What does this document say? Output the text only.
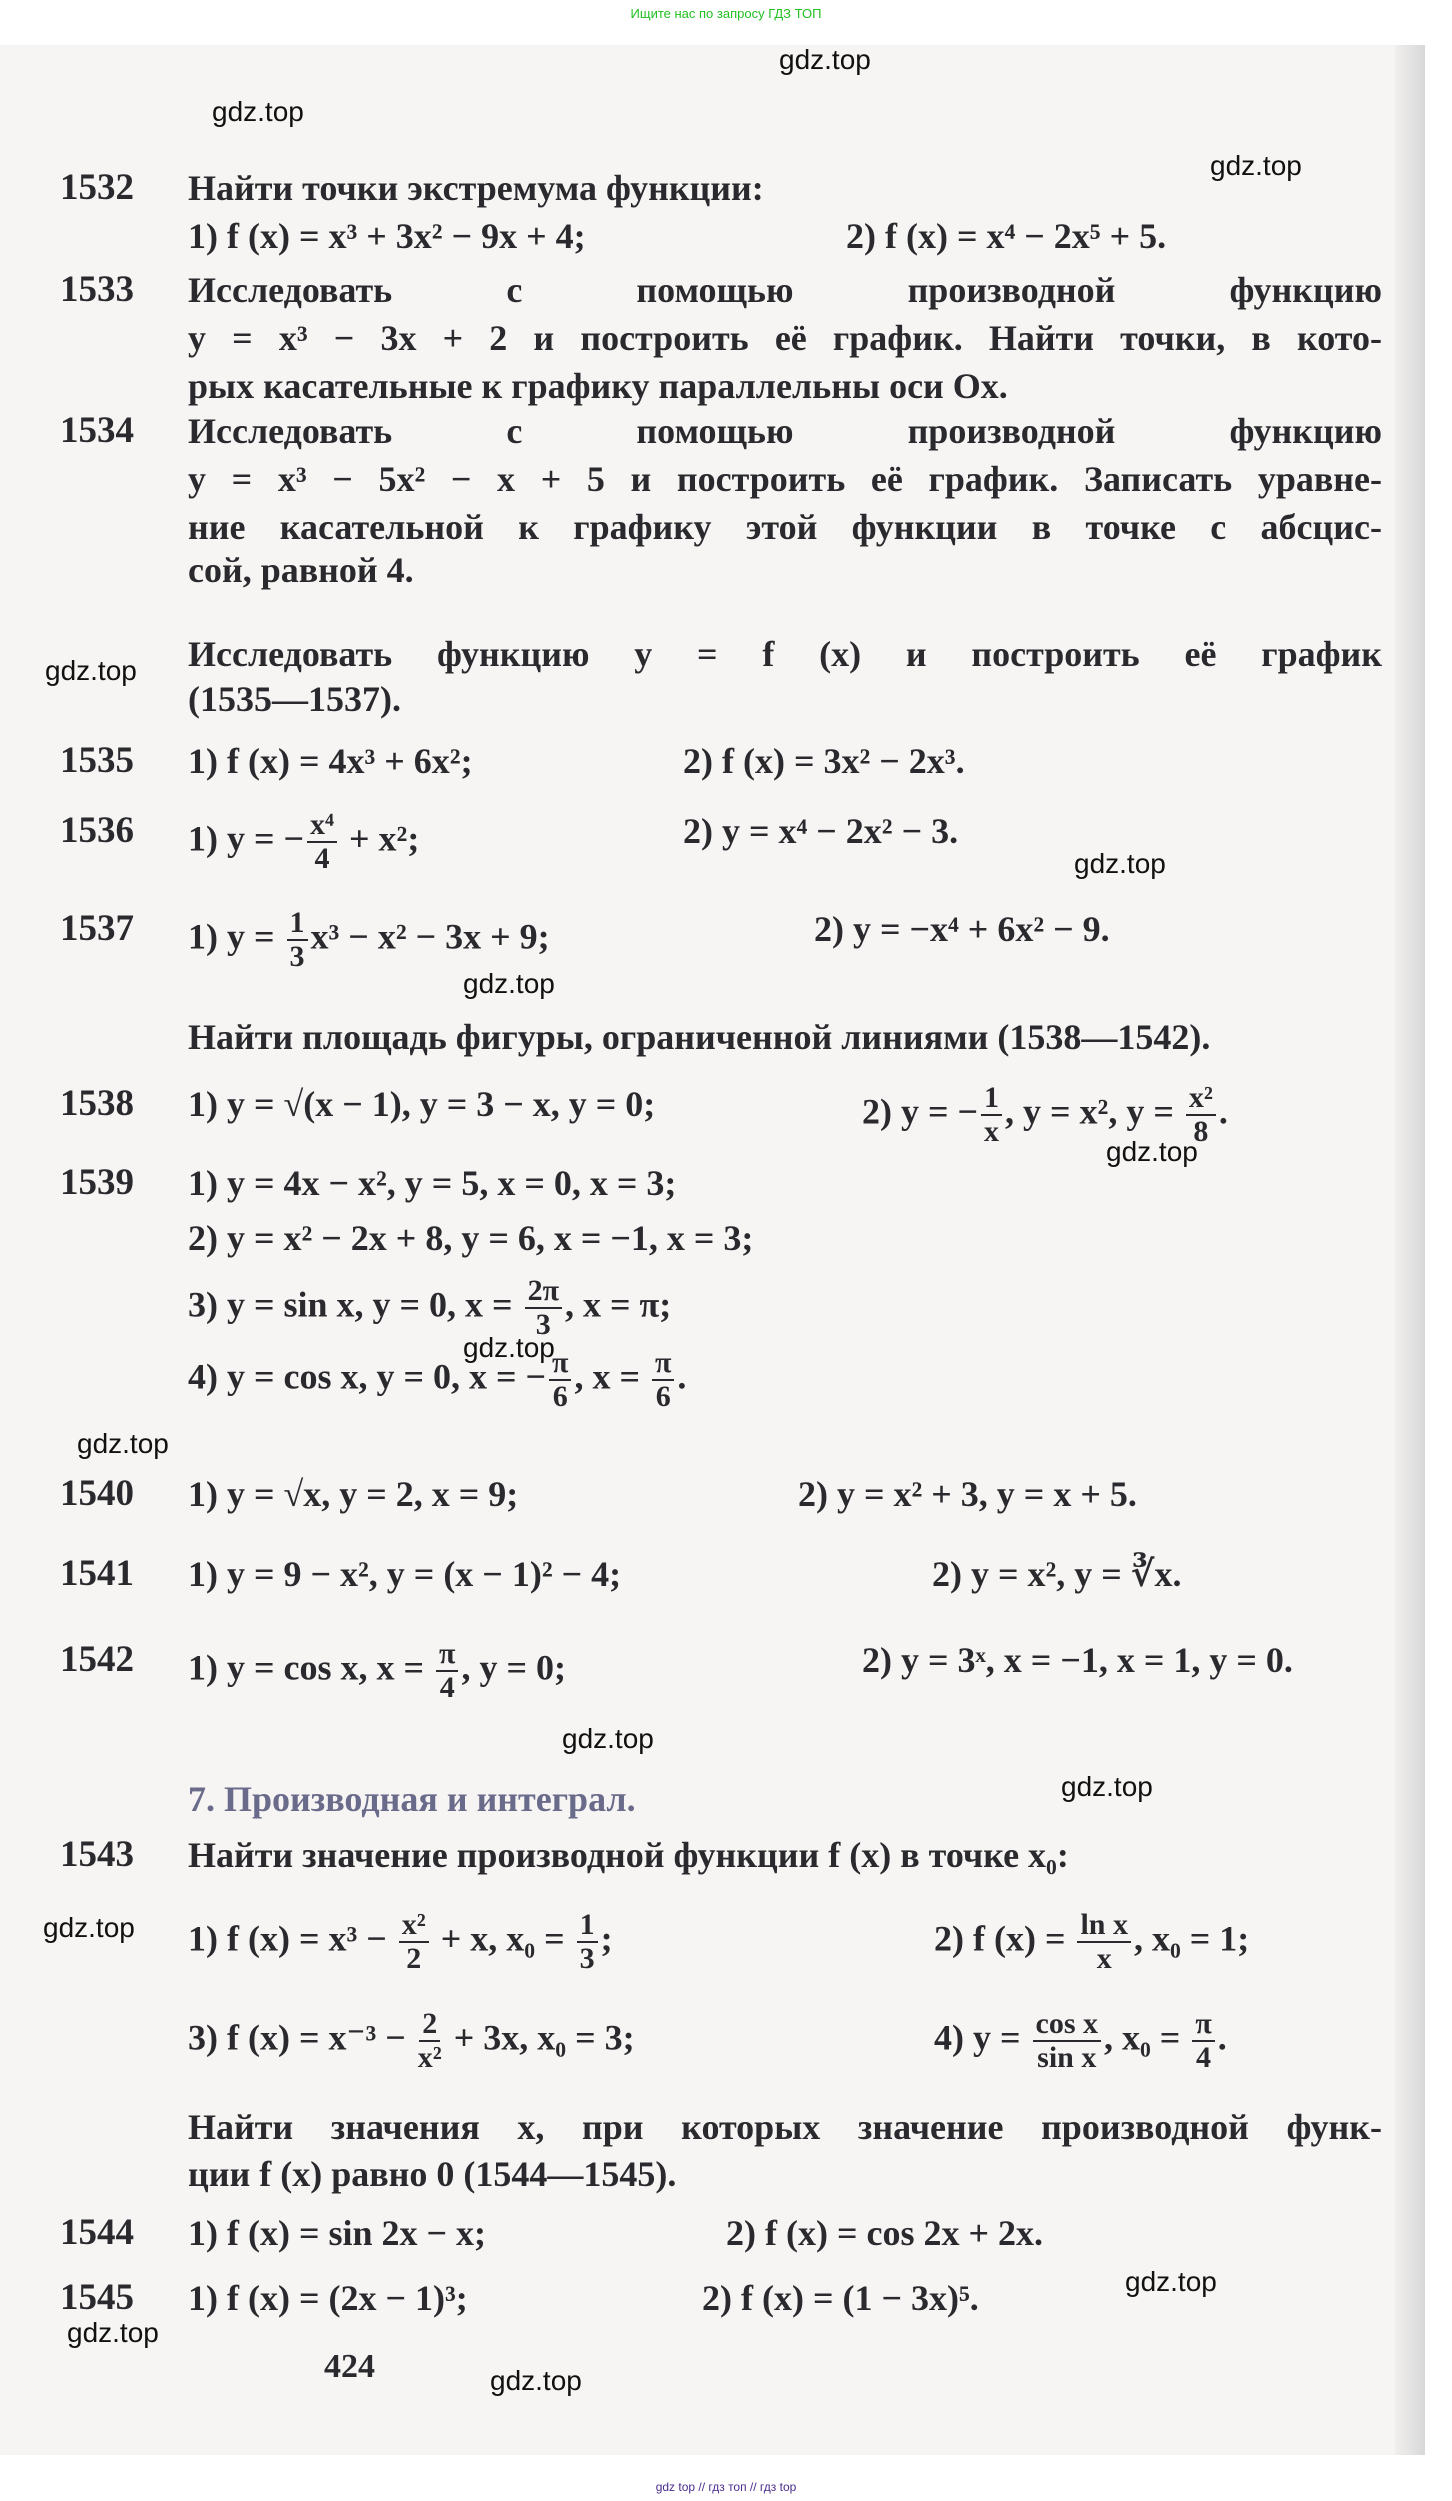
Ищите нас по запросу ГДЗ ТОП
1532 Найти точки экстремума функции:
1) f (x) = x³ + 3x² − 9x + 4;	2) f (x) = x⁴ − 2x⁵ + 5.
1533 Исследовать с помощью производной функцию
y = x³ − 3x + 2 и построить её график. Найти точки, в кото-
рых касательные к графику параллельны оси Ox.
1534 Исследовать с помощью производной функцию
y = x³ − 5x² − x + 5 и построить её график. Записать уравне-
ние касательной к графику этой функции в точке с абсцис-
сой, равной 4.
Исследовать функцию y = f (x) и построить её график
(1535—1537).
1535 1) f (x) = 4x³ + 6x²;	2) f (x) = 3x² − 2x³.
1536 1) y = − $\frac{\text{x⁴}}{4} + x^2$;	2) y = x⁴ − 2x² − 3.
1537 1) $y = \frac{1}{3} x^3 - x^2 - 3x + 9$;	2) y = −x⁴ + 6x² − 9.
Найти площадь фигуры, ограниченной линиями (1538—1542).
1538 1) y = √(x − 1), y = 3 − x, y = 0;	2) y = − $\frac{1}{x}$ , y = x², $y = \frac{\text{x²}}{8}$ .
1539 1) y = 4x − x², y = 5, x = 0, x = 3;
2) y = x² − 2x + 8, y = 6, x = −1, x = 3;
3) y = sin x, y = 0, $x = \frac{2\pi}{3}$ , x = π;
4) y = cos x, y = 0, x = − $\frac{\pi}{6}$ , $x = \frac{\pi}{6}$ .
1540 1) y = √x, y = 2, x = 9;	2) y = x² + 3, y = x + 5.
1541 1) y = 9 − x², y = (x − 1)² − 4;	2) y = x², y = ∛x.
1542 1) y = cos x, $x = \frac{\pi}{4}$ , y = 0;	2) y = 3ˣ, x = −1, x = 1, y = 0.
7. Производная и интеграл.
1543 Найти значение производной функции f (x) в точке x₀:
1) f $(x) = x^3 - \frac{\text{x²}}{2} + x$, $x_0 = \frac{1}{3}$ ;	2) f $(x) = \frac{\text{ln x}}{x}$ , x₀ = 1;
3) f $(x) = x^{-3} - \frac{2}{\text{x²}} + 3x$, x₀ = 3;	4) $y = \frac{\text{cos x}}{\text{sin x}}$ , $x_0 = \frac{\pi}{4}$ .
Найти значения x, при которых значение производной функ-
ции f (x) равно 0 (1544—1545).
1544 1) f (x) = sin 2x − x;	2) f (x) = cos 2x + 2x.
1545 1) f (x) = (2x − 1)³;	2) f (x) = (1 − 3x)⁵.
424
gdz.top
gdz.top
gdz.top
gdz.top
gdz.top
gdz.top
gdz.top
gdz.top
gdz.top
gdz.top
gdz.top
gdz.top
gdz.top
gdz.top
gdz.top
gdz top // гдз топ // гдз top
